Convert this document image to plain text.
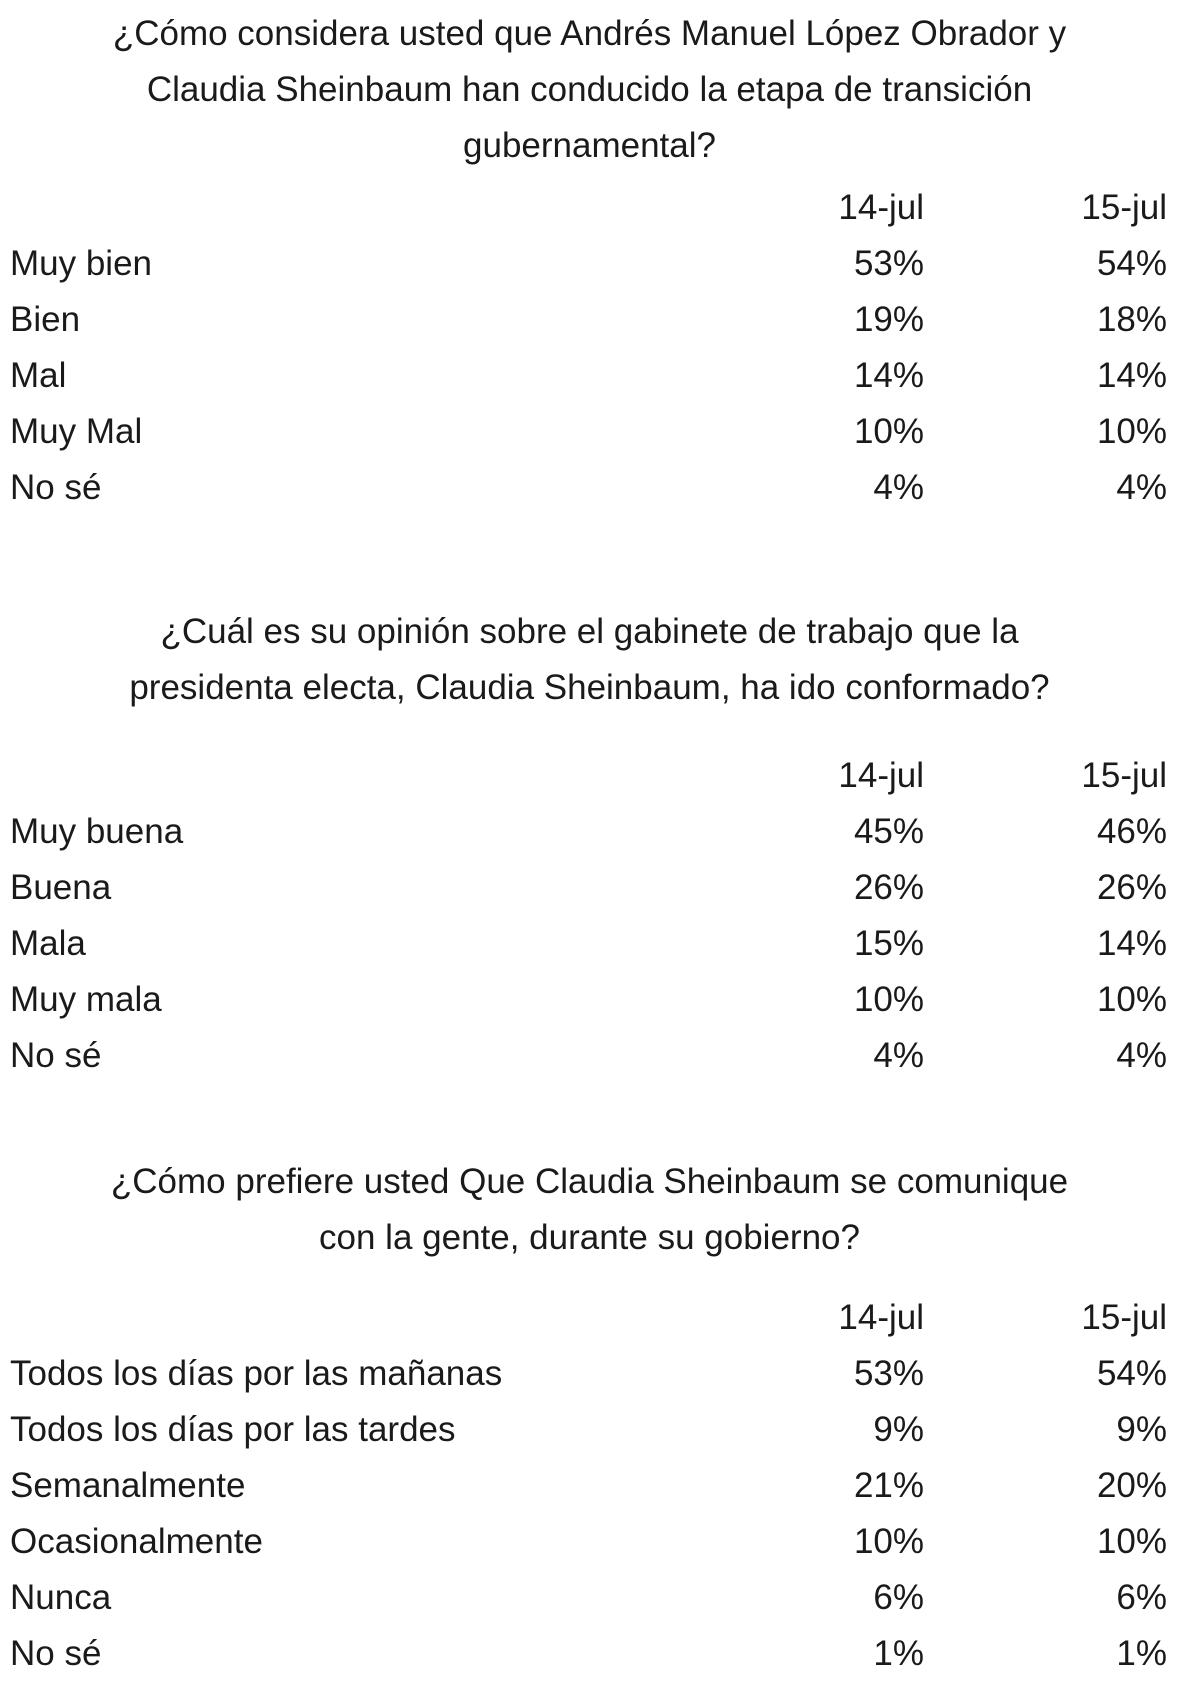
¿Cómo considera usted que Andrés Manuel López Obrador y
Claudia Sheinbaum han conducido la etapa de transición
gubernamental?
14-jul	15-jul
Muy bien	53%	54%
Bien	19%	18%
Mal	14%	14%
Muy Mal	10%	10%
No sé	4%	4%
¿Cuál es su opinión sobre el gabinete de trabajo que la
presidenta electa, Claudia Sheinbaum, ha ido conformado?
14-jul	15-jul
Muy buena	45%	46%
Buena	26%	26%
Mala	15%	14%
Muy mala	10%	10%
No sé	4%	4%
¿Cómo prefiere usted Que Claudia Sheinbaum se comunique
con la gente, durante su gobierno?
14-jul	15-jul
Todos los días por las mañanas	53%	54%
Todos los días por las tardes	9%	9%
Semanalmente	21%	20%
Ocasionalmente	10%	10%
Nunca	6%	6%
No sé	1%	1%
